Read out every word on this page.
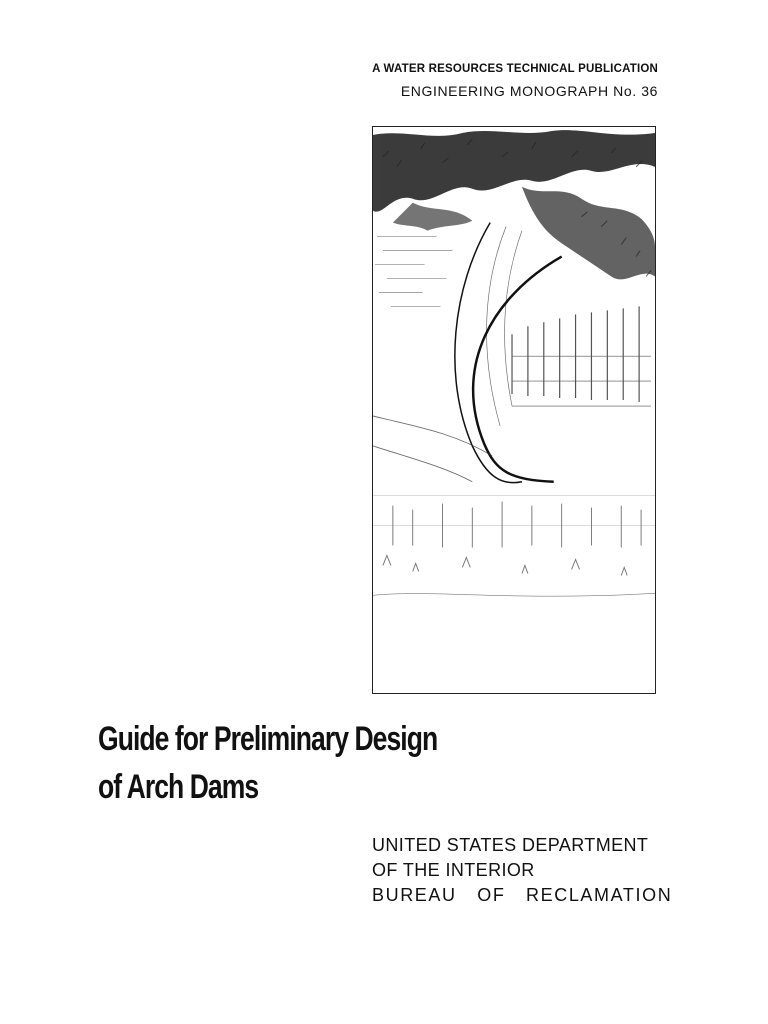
A WATER RESOURCES TECHNICAL PUBLICATION
ENGINEERING MONOGRAPH No. 36
Guide for Preliminary Design
of Arch Dams
UNITED STATES DEPARTMENT
OF THE INTERIOR
BUREAU OF RECLAMATION
